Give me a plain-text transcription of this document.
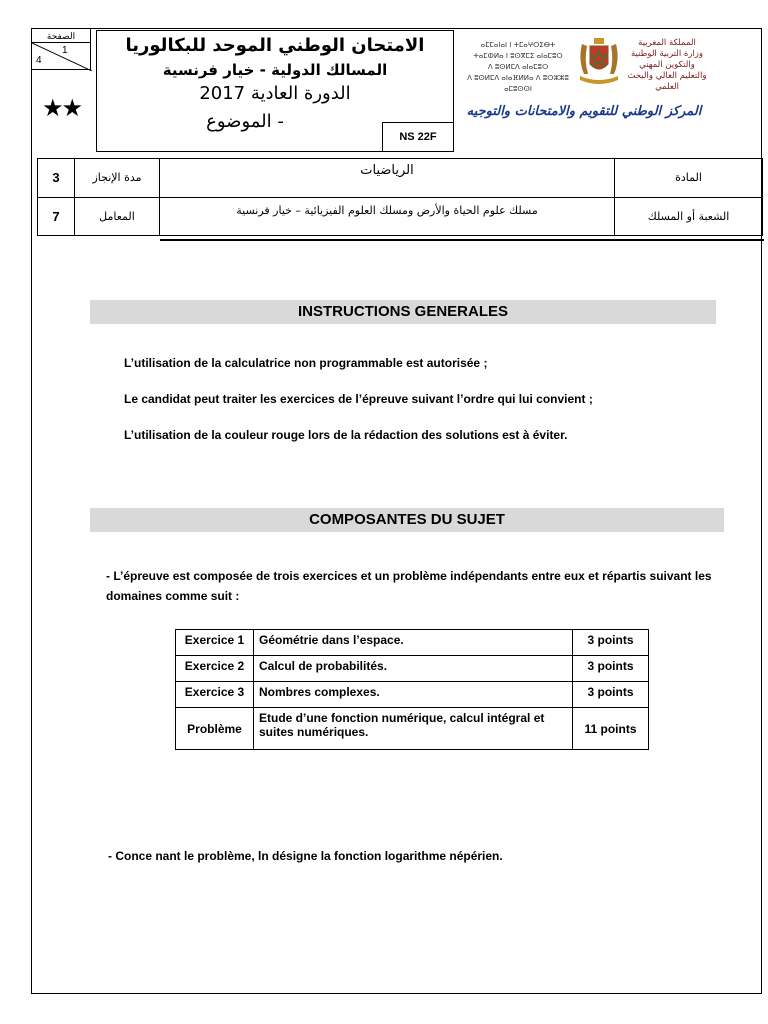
الصفحة
1
4
★★
الامتحان الوطني الموحد للبكالوريا
المسالك الدولية - خيار فرنسية
الدورة العادية 2017
- الموضوع
NS 22F
ⴰⵎⵎⴰⵏⴰⵏ ⵏ ⵜⵎⴰⵖⵔⵉⴱⵜ
ⵜⴰⵎⵀⵍⴰ ⵏ ⵓⵙⴳⵎⵉ ⴰⵏⴰⵎⵓⵔ
ⴷ ⵓⵙⵍⵎⴷ ⴰⵏⴰⵎⵓⵔ
ⴷ ⵓⵙⵍⵎⴷ ⴰⵏⴰⴼⵍⵍⴰ ⴷ ⵓⵔⵣⵣⵓ ⴰⵎⵓⵙⵙⵏ
المملكة المغربية
وزارة التربية الوطنية
والتكوين المهني
والتعليم العالي والبحث العلمي
المركز الوطني للتقويم والامتحانات والتوجيه
3	مدة الإنجاز	الرياضيات	المادة
7	المعامل	مسلك علوم الحياة والأرض ومسلك العلوم الفيزيائية – خيار فرنسية	الشعبة أو المسلك
INSTRUCTIONS GENERALES
L’utilisation de la calculatrice non programmable est autorisée ;
Le candidat peut traiter les exercices de l’épreuve suivant l’ordre qui lui convient ;
L’utilisation de la couleur rouge lors de la rédaction des solutions est à éviter.
COMPOSANTES DU SUJET
- L’épreuve est composée de trois exercices et un problème indépendants entre eux et répartis suivant les domaines comme suit :
Exercice 1	Géométrie dans l’espace.	3 points
Exercice 2	Calcul de probabilités.	3 points
Exercice 3	Nombres complexes.	3 points
Problème	Etude d’une fonction numérique, calcul intégral et suites numériques.	11 points
- Conce nant le problème, ln désigne la fonction logarithme népérien.
